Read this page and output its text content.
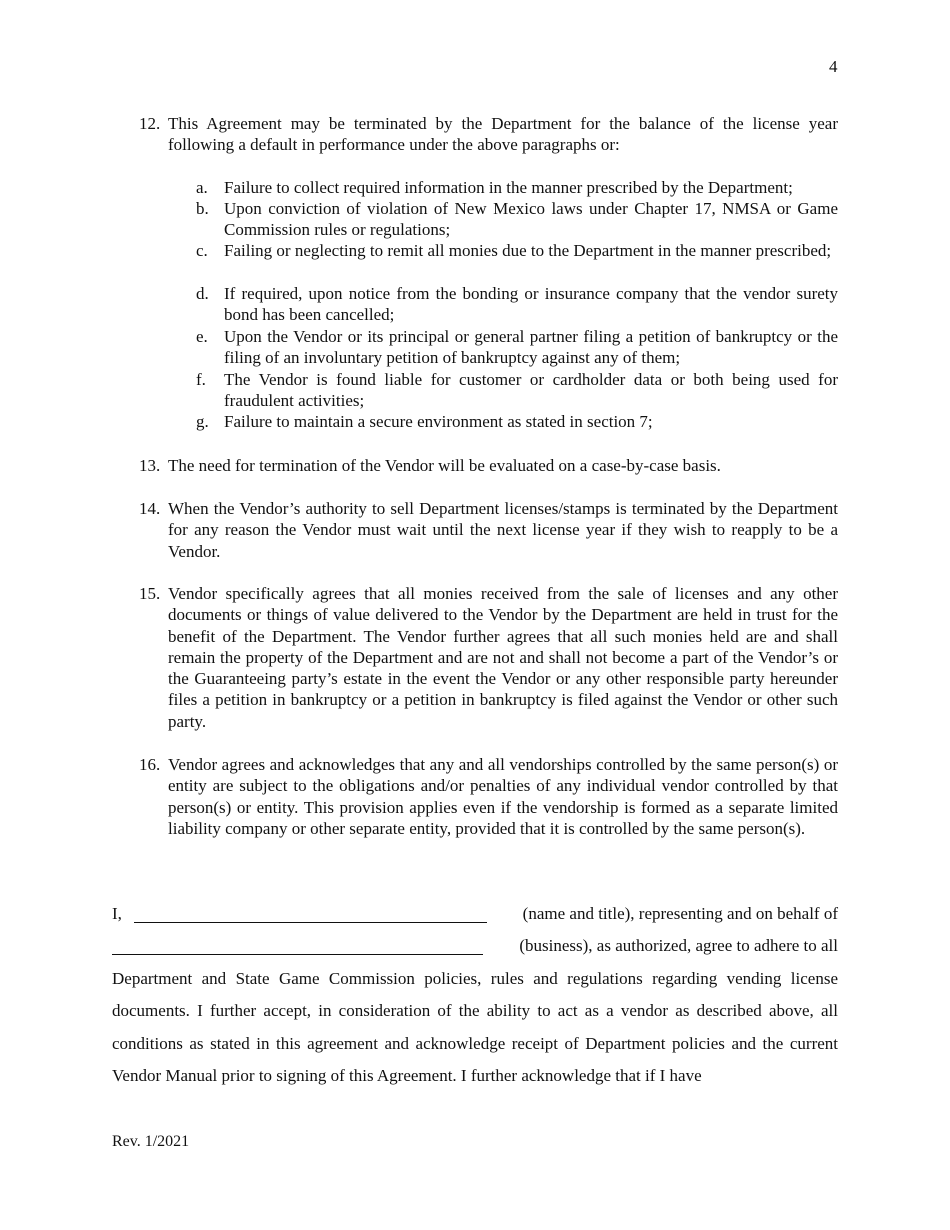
4
12. This Agreement may be terminated by the Department for the balance of the license year following a default in performance under the above paragraphs or:
a. Failure to collect required information in the manner prescribed by the Department;
b. Upon conviction of violation of New Mexico laws under Chapter 17, NMSA or Game Commission rules or regulations;
c. Failing or neglecting to remit all monies due to the Department in the manner prescribed;
d. If required, upon notice from the bonding or insurance company that the vendor surety bond has been cancelled;
e. Upon the Vendor or its principal or general partner filing a petition of bankruptcy or the filing of an involuntary petition of bankruptcy against any of them;
f. The Vendor is found liable for customer or cardholder data or both being used for fraudulent activities;
g. Failure to maintain a secure environment as stated in section 7;
13. The need for termination of the Vendor will be evaluated on a case-by-case basis.
14. When the Vendor’s authority to sell Department licenses/stamps is terminated by the Department for any reason the Vendor must wait until the next license year if they wish to reapply to be a Vendor.
15. Vendor specifically agrees that all monies received from the sale of licenses and any other documents or things of value delivered to the Vendor by the Department are held in trust for the benefit of the Department. The Vendor further agrees that all such monies held are and shall remain the property of the Department and are not and shall not become a part of the Vendor’s or the Guaranteeing party’s estate in the event the Vendor or any other responsible party hereunder files a petition in bankruptcy or a petition in bankruptcy is filed against the Vendor or other such party.
16. Vendor agrees and acknowledges that any and all vendorships controlled by the same person(s) or entity are subject to the obligations and/or penalties of any individual vendor controlled by that person(s) or entity. This provision applies even if the vendorship is formed as a separate limited liability company or other separate entity, provided that it is controlled by the same person(s).
I,	(name and title), representing and on behalf of
(business), as authorized, agree to adhere to all
Department and State Game Commission policies, rules and regulations regarding vending license documents. I further accept, in consideration of the ability to act as a vendor as described above, all conditions as stated in this agreement and acknowledge receipt of Department policies and the current Vendor Manual prior to signing of this Agreement. I further acknowledge that if I have
Rev. 1/2021
